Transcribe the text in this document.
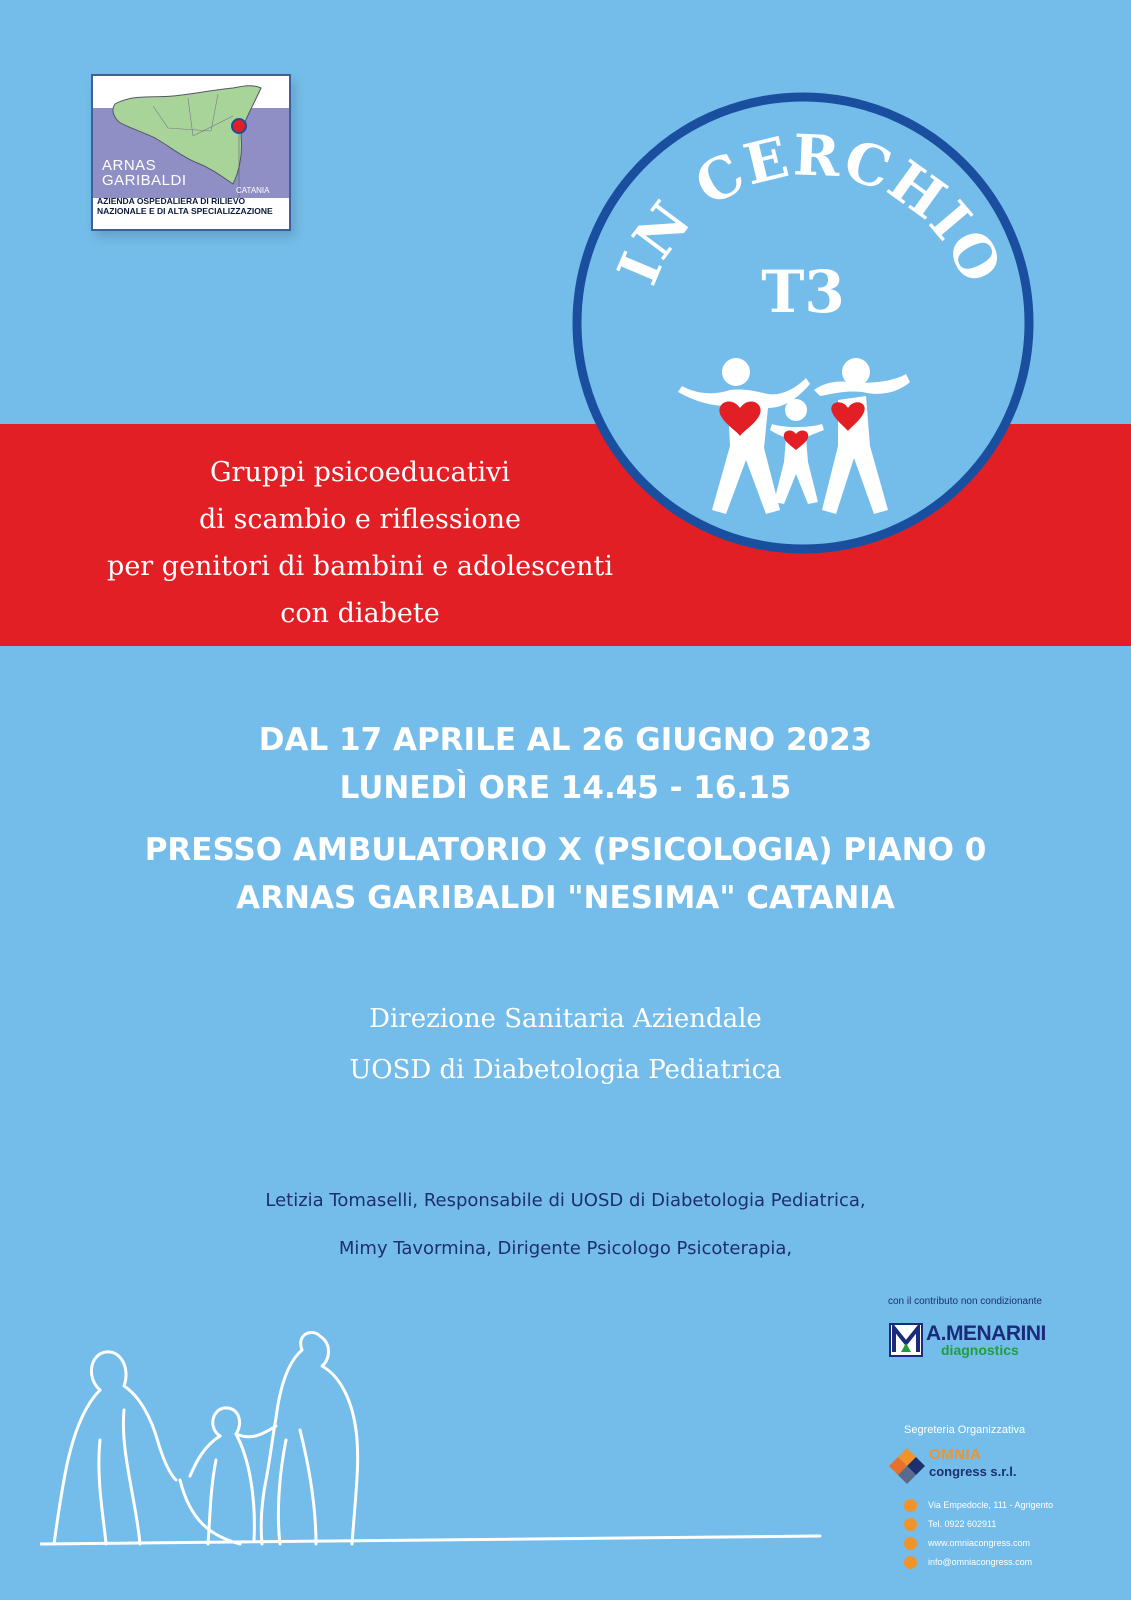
ARNAS
GARIBALDI
CATANIA
AZIENDA OSPEDALIERA DI RILIEVO
NAZIONALE E DI ALTA SPECIALIZZAZIONE
Gruppi psicoeducativi
di scambio e riflessione
per genitori di bambini e adolescenti
con diabete
IN CERCHIO
T3
DAL 17 APRILE AL 26 GIUGNO 2023
LUNEDÌ ORE 14.45 - 16.15
PRESSO AMBULATORIO X (PSICOLOGIA) PIANO 0
ARNAS GARIBALDI "NESIMA" CATANIA
Direzione Sanitaria Aziendale
UOSD di Diabetologia Pediatrica
Letizia Tomaselli, Responsabile di UOSD di Diabetologia Pediatrica,
Mimy Tavormina, Dirigente Psicologo Psicoterapia,
con il contributo non condizionante
A.MENARINI
diagnostics
Segreteria Organizzativa
OMNIA
congress s.r.l.
Via Empedocle, 111 - Agrigento
Tel. 0922 602911
www.omniacongress.com
info@omniacongress.com
